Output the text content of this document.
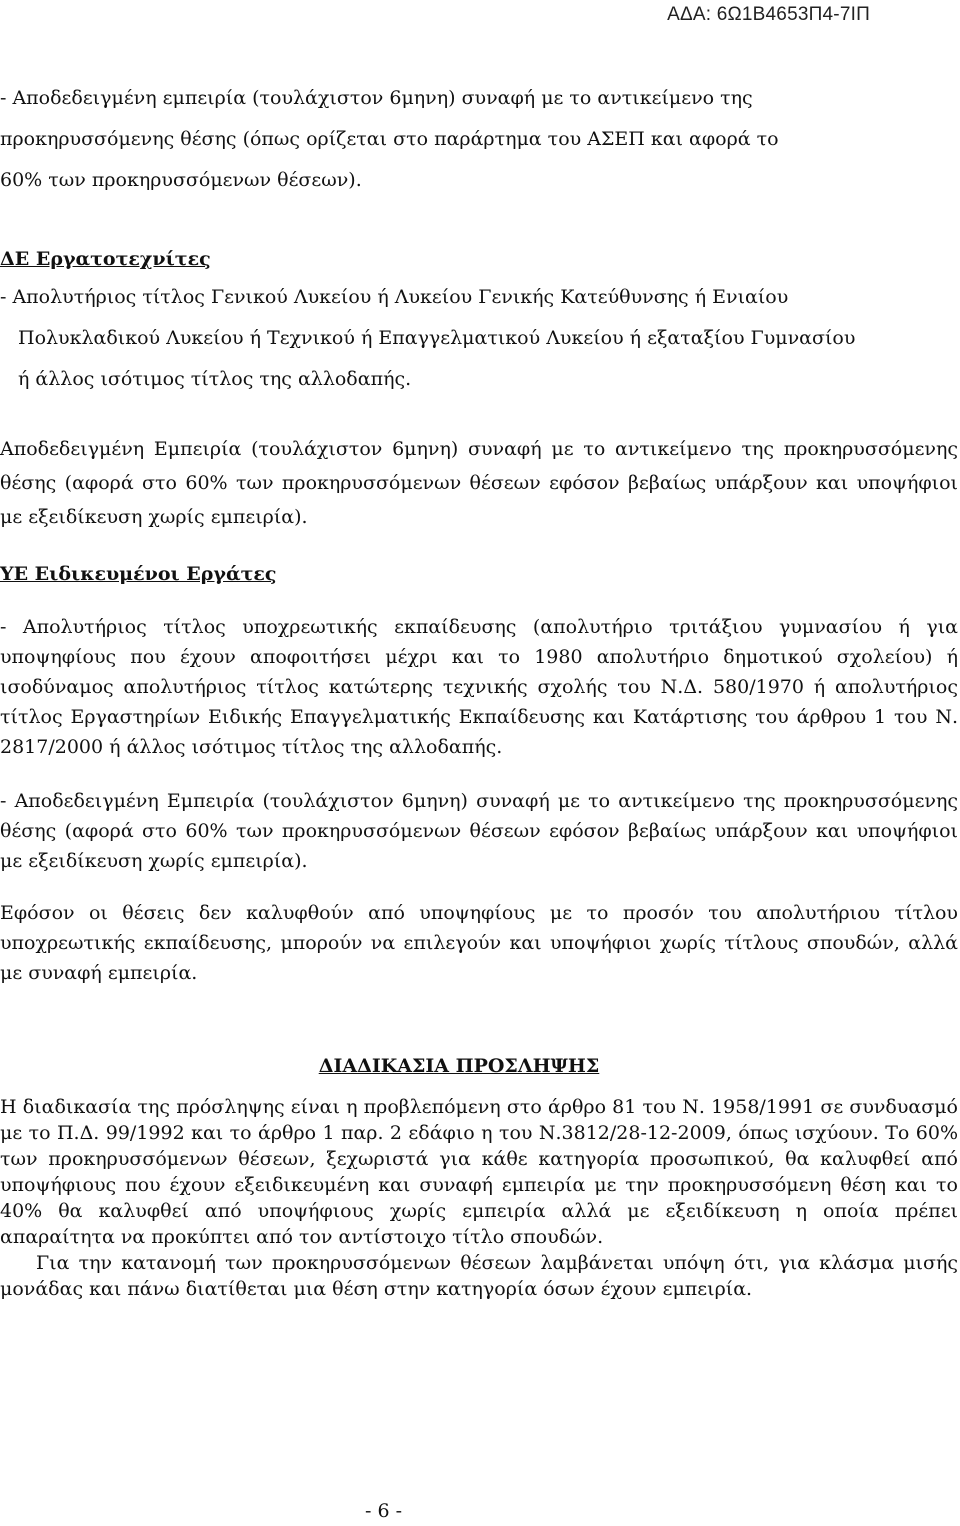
ΑΔΑ: 6Ω1Β4653Π4-7ΙΠ

- Αποδεδειγμένη εμπειρία (τουλάχιστον 6μηνη) συναφή με το αντικείμενο της

προκηρυσσόμενης θέσης (όπως ορίζεται στο παράρτημα του ΑΣΕΠ και αφορά το

60% των προκηρυσσόμενων θέσεων).

ΔΕ Εργατοτεχνίτες

- Απολυτήριος τίτλος Γενικού Λυκείου ή Λυκείου Γενικής Κατεύθυνσης ή Ενιαίου

Πολυκλαδικού Λυκείου ή Τεχνικού ή Επαγγελματικού Λυκείου ή εξαταξίου Γυμνασίου

ή άλλος ισότιμος τίτλος της αλλοδαπής.

Αποδεδειγμένη Εμπειρία (τουλάχιστον 6μηνη) συναφή με το αντικείμενο της προκηρυσσόμενης θέσης (αφορά στο 60% των προκηρυσσόμενων θέσεων εφόσον βεβαίως υπάρξουν και υποψήφιοι με εξειδίκευση χωρίς εμπειρία).

ΥΕ Ειδικευμένοι Εργάτες

- Απολυτήριος τίτλος υποχρεωτικής εκπαίδευσης (απολυτήριο τριτάξιου γυμνασίου ή για υποψηφίους που έχουν αποφοιτήσει μέχρι και το 1980 απολυτήριο δημοτικού σχολείου) ή ισοδύναμος απολυτήριος τίτλος κατώτερης τεχνικής σχολής του Ν.Δ. 580/1970 ή απολυτήριος τίτλος Εργαστηρίων Ειδικής Επαγγελματικής Εκπαίδευσης και Κατάρτισης του άρθρου 1 του Ν. 2817/2000 ή άλλος ισότιμος τίτλος της αλλοδαπής.

- Αποδεδειγμένη Εμπειρία (τουλάχιστον 6μηνη) συναφή με το αντικείμενο της προκηρυσσόμενης θέσης (αφορά στο 60% των προκηρυσσόμενων θέσεων εφόσον βεβαίως υπάρξουν και υποψήφιοι με εξειδίκευση χωρίς εμπειρία).

Εφόσον οι θέσεις δεν καλυφθούν από υποψηφίους με το προσόν του απολυτήριου τίτλου υποχρεωτικής εκπαίδευσης, μπορούν να επιλεγούν και υποψήφιοι χωρίς τίτλους σπουδών, αλλά με συναφή εμπειρία.

ΔΙΑΔΙΚΑΣΙΑ ΠΡΟΣΛΗΨΗΣ

Η διαδικασία της πρόσληψης είναι η προβλεπόμενη στο άρθρο 81 του Ν. 1958/1991 σε συνδυασμό με το Π.Δ. 99/1992 και το άρθρο 1 παρ. 2 εδάφιο η του Ν.3812/28-12-2009, όπως ισχύουν. Το 60% των προκηρυσσόμενων θέσεων, ξεχωριστά για κάθε κατηγορία προσωπικού, θα καλυφθεί από υποψήφιους που έχουν εξειδικευμένη και συναφή εμπειρία με την προκηρυσσόμενη θέση και το 40% θα καλυφθεί από υποψήφιους χωρίς εμπειρία αλλά με εξειδίκευση η οποία πρέπει απαραίτητα να προκύπτει από τον αντίστοιχο τίτλο σπουδών.

Για την κατανομή των προκηρυσσόμενων θέσεων λαμβάνεται υπόψη ότι, για κλάσμα μισής μονάδας και πάνω διατίθεται μια θέση στην κατηγορία όσων έχουν εμπειρία.

- 6 -
